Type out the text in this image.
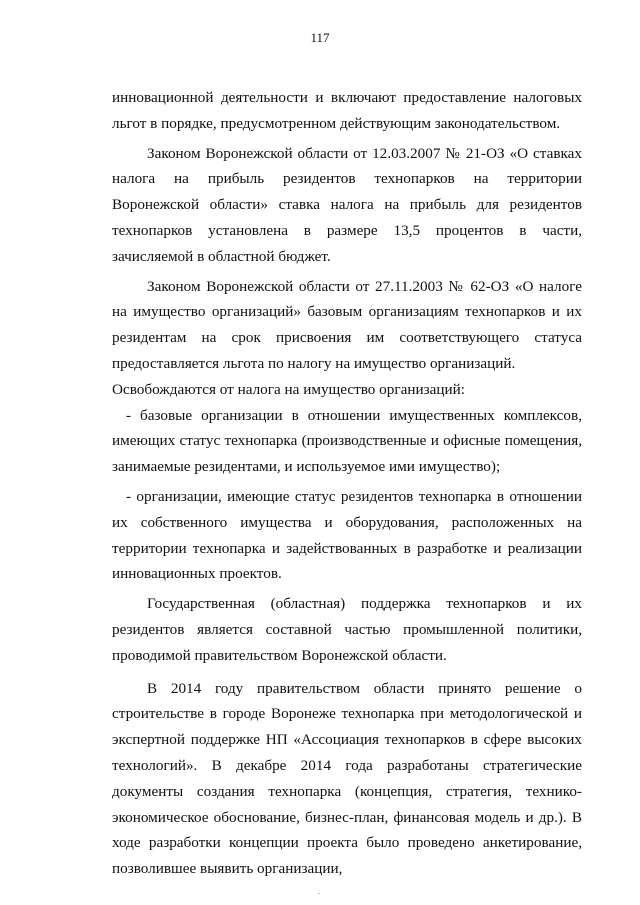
117

инновационной деятельности и включают предоставление налоговых льгот в порядке, предусмотренном действующим законодательством.

Законом Воронежской области от 12.03.2007 № 21-ОЗ «О ставках налога на прибыль резидентов технопарков на территории Воронежской области» ставка налога на прибыль для резидентов технопарков установлена в размере 13,5 процентов в части, зачисляемой в областной бюджет.

Законом Воронежской области от 27.11.2003 № 62-ОЗ «О налоге на имущество организаций» базовым организациям технопарков и их резидентам на срок присвоения им соответствующего статуса предоставляется льгота по налогу на имущество организаций.

Освобождаются от налога на имущество организаций:

- базовые организации в отношении имущественных комплексов, имеющих статус технопарка (производственные и офисные помещения, занимаемые резидентами, и используемое ими имущество);

- организации, имеющие статус резидентов технопарка в отношении их собственного имущества и оборудования, расположенных на территории технопарка и задействованных в разработке и реализации инновационных проектов.

Государственная (областная) поддержка технопарков и их резидентов является составной частью промышленной политики, проводимой правительством Воронежской области.

В 2014 году правительством области принято решение о строительстве в городе Воронеже технопарка при методологической и экспертной поддержке НП «Ассоциация технопарков в сфере высоких технологий». В декабре 2014 года разработаны стратегические документы создания технопарка (концепция, стратегия, технико-экономическое обоснование, бизнес-план, финансовая модель и др.). В ходе разработки концепции проекта было проведено анкетирование, позволившее выявить организации,
